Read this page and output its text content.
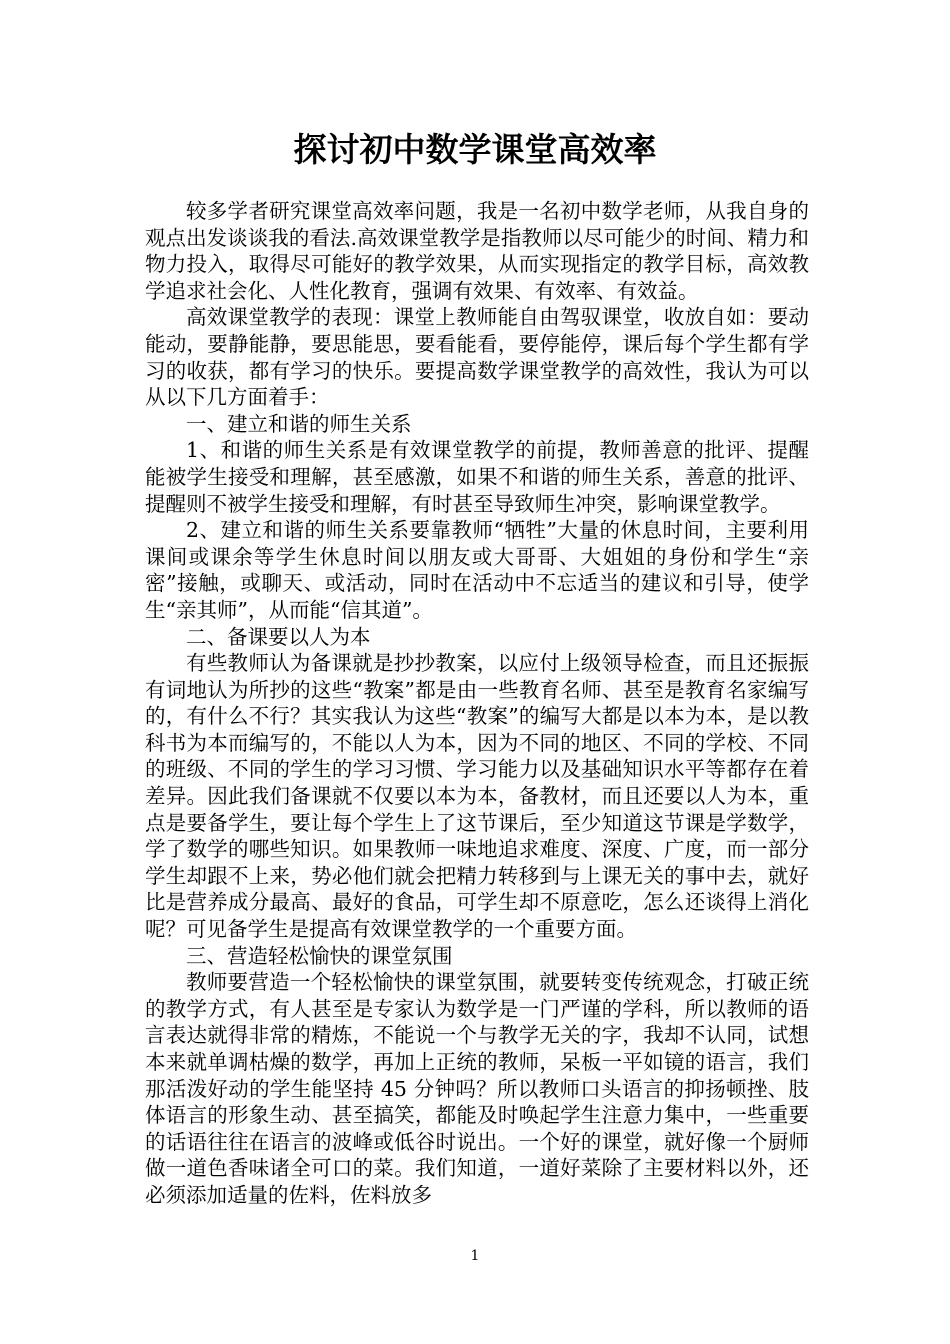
探讨初中数学课堂高效率

较多学者研究课堂高效率问题，我是一名初中数学老师，从我自身的观点出发谈谈我的看法.高效课堂教学是指教师以尽可能少的时间、精力和物力投入，取得尽可能好的教学效果，从而实现指定的教学目标，高效教学追求社会化、人性化教育，强调有效果、有效率、有效益。

高效课堂教学的表现：课堂上教师能自由驾驭课堂，收放自如：要动能动，要静能静，要思能思，要看能看，要停能停，课后每个学生都有学习的收获，都有学习的快乐。要提高数学课堂教学的高效性，我认为可以从以下几方面着手：

一、建立和谐的师生关系

1、和谐的师生关系是有效课堂教学的前提，教师善意的批评、提醒能被学生接受和理解，甚至感激，如果不和谐的师生关系，善意的批评、提醒则不被学生接受和理解，有时甚至导致师生冲突，影响课堂教学。

2、建立和谐的师生关系要靠教师“牺牲”大量的休息时间，主要利用课间或课余等学生休息时间以朋友或大哥哥、大姐姐的身份和学生“亲密”接触，或聊天、或活动，同时在活动中不忘适当的建议和引导，使学生“亲其师”，从而能“信其道”。

二、备课要以人为本

有些教师认为备课就是抄抄教案，以应付上级领导检查，而且还振振有词地认为所抄的这些“教案”都是由一些教育名师、甚至是教育名家编写的，有什么不行？其实我认为这些“教案”的编写大都是以本为本，是以教科书为本而编写的，不能以人为本，因为不同的地区、不同的学校、不同的班级、不同的学生的学习习惯、学习能力以及基础知识水平等都存在着差异。因此我们备课就不仅要以本为本，备教材，而且还要以人为本，重点是要备学生，要让每个学生上了这节课后，至少知道这节课是学数学，学了数学的哪些知识。如果教师一味地追求难度、深度、广度，而一部分学生却跟不上来，势必他们就会把精力转移到与上课无关的事中去，就好比是营养成分最高、最好的食品，可学生却不原意吃，怎么还谈得上消化呢？可见备学生是提高有效课堂教学的一个重要方面。

三、营造轻松愉快的课堂氛围

教师要营造一个轻松愉快的课堂氛围，就要转变传统观念，打破正统的教学方式，有人甚至是专家认为数学是一门严谨的学科，所以教师的语言表达就得非常的精炼，不能说一个与教学无关的字，我却不认同，试想本来就单调枯燥的数学，再加上正统的教师，呆板一平如镜的语言，我们那活泼好动的学生能坚持 45 分钟吗？所以教师口头语言的抑扬顿挫、肢体语言的形象生动、甚至搞笑，都能及时唤起学生注意力集中，一些重要的话语往往在语言的波峰或低谷时说出。一个好的课堂，就好像一个厨师做一道色香味诸全可口的菜。我们知道，一道好菜除了主要材料以外，还必须添加适量的佐料，佐料放多

1
